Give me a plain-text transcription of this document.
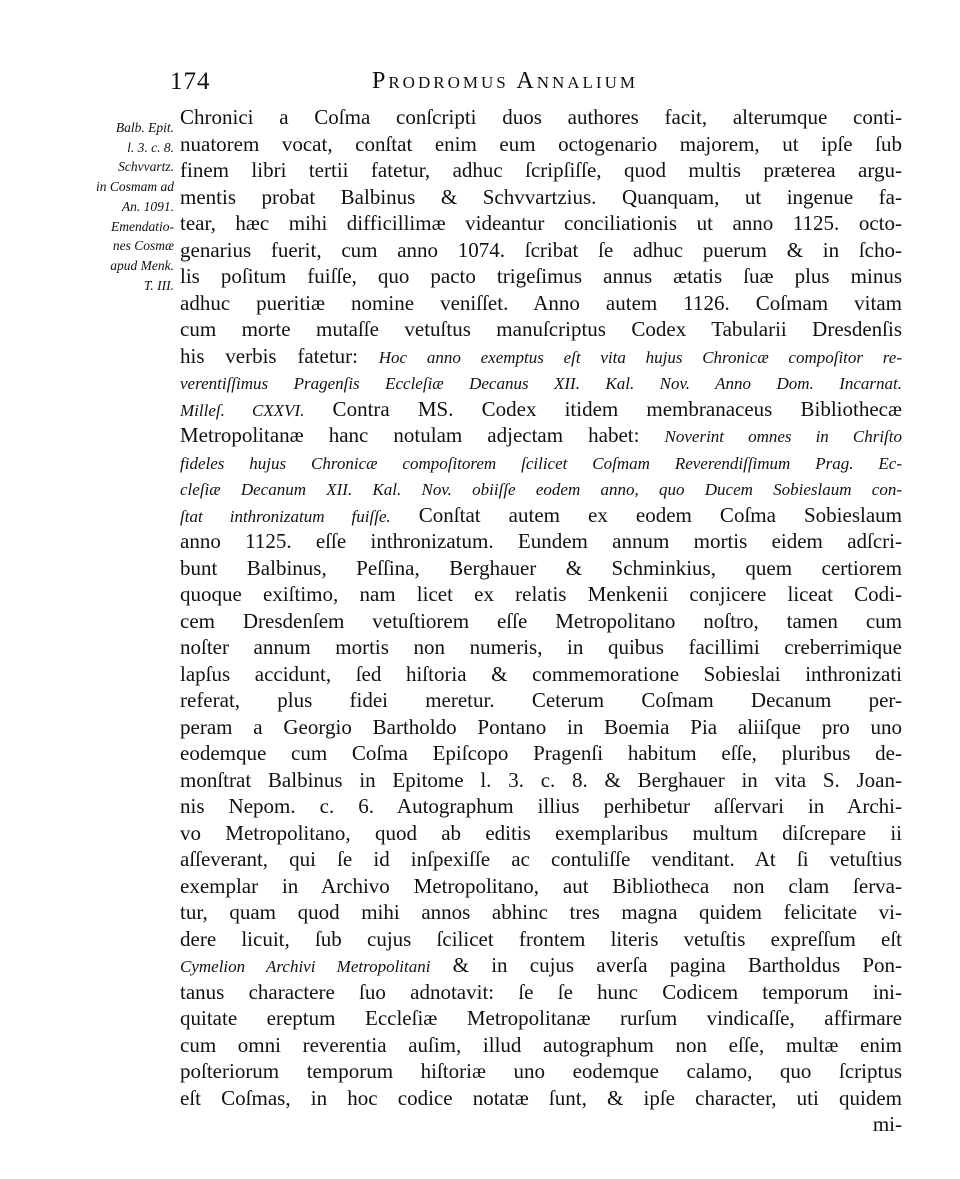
174	Prodromus Annalium
Balb. Epit.
l. 3. c. 8.
Schvvartz.
in Cosmam ad
An. 1091.
Emendatio-
nes Cosmæ
apud Menk.
T. III.
Chronici a Coſma conſcripti duos authores facit, alterumque conti-
nuatorem vocat, conſtat enim eum octogenario majorem, ut ipſe ſub
finem libri tertii fatetur, adhuc ſcripſiſſe, quod multis præterea argu-
mentis probat Balbinus & Schvvartzius. Quanquam, ut ingenue fa-
tear, hæc mihi difficillimæ videantur conciliationis ut anno 1125. octo-
genarius fuerit, cum anno 1074. ſcribat ſe adhuc puerum & in ſcho-
lis poſitum fuiſſe, quo pacto trigeſimus annus ætatis ſuæ plus minus
adhuc pueritiæ nomine veniſſet. Anno autem 1126. Coſmam vitam
cum morte mutaſſe vetuſtus manuſcriptus Codex Tabularii Dresdenſis
his verbis fatetur: Hoc anno exemptus eſt vita hujus Chronicæ compoſitor re-
verentiſſimus Pragenſis Eccleſiæ Decanus XII. Kal. Nov. Anno Dom. Incarnat.
Milleſ. CXXVI. Contra MS. Codex itidem membranaceus Bibliothecæ
Metropolitanæ hanc notulam adjectam habet: Noverint omnes in Chriſto
fideles hujus Chronicæ compoſitorem ſcilicet Coſmam Reverendiſſimum Prag. Ec-
cleſiæ Decanum XII. Kal. Nov. obiiſſe eodem anno, quo Ducem Sobieslaum con-
ſtat inthronizatum fuiſſe. Conſtat autem ex eodem Coſma Sobieslaum
anno 1125. eſſe inthronizatum. Eundem annum mortis eidem adſcri-
bunt Balbinus, Peſſina, Berghauer & Schminkius, quem certiorem
quoque exiſtimo, nam licet ex relatis Menkenii conjicere liceat Codi-
cem Dresdenſem vetuſtiorem eſſe Metropolitano noſtro, tamen cum
noſter annum mortis non numeris, in quibus facillimi creberrimique
lapſus accidunt, ſed hiſtoria & commemoratione Sobieslai inthronizati
referat, plus fidei meretur. Ceterum Coſmam Decanum per-
peram a Georgio Bartholdo Pontano in Boemia Pia aliiſque pro uno
eodemque cum Coſma Epiſcopo Pragenſi habitum eſſe, pluribus de-
monſtrat Balbinus in Epitome l. 3. c. 8. & Berghauer in vita S. Joan-
nis Nepom. c. 6. Autographum illius perhibetur aſſervari in Archi-
vo Metropolitano, quod ab editis exemplaribus multum diſcrepare ii
aſſeverant, qui ſe id inſpexiſſe ac contuliſſe venditant. At ſi vetuſtius
exemplar in Archivo Metropolitano, aut Bibliotheca non clam ſerva-
tur, quam quod mihi annos abhinc tres magna quidem felicitate vi-
dere licuit, ſub cujus ſcilicet frontem literis vetuſtis expreſſum eſt
Cymelion Archivi Metropolitani & in cujus averſa pagina Bartholdus Pon-
tanus charactere ſuo adnotavit: ſe ſe hunc Codicem temporum ini-
quitate ereptum Eccleſiæ Metropolitanæ rurſum vindicaſſe, affirmare
cum omni reverentia auſim, illud autographum non eſſe, multæ enim
poſteriorum temporum hiſtoriæ uno eodemque calamo, quo ſcriptus
eſt Coſmas, in hoc codice notatæ ſunt, & ipſe character, uti quidem
mi-
